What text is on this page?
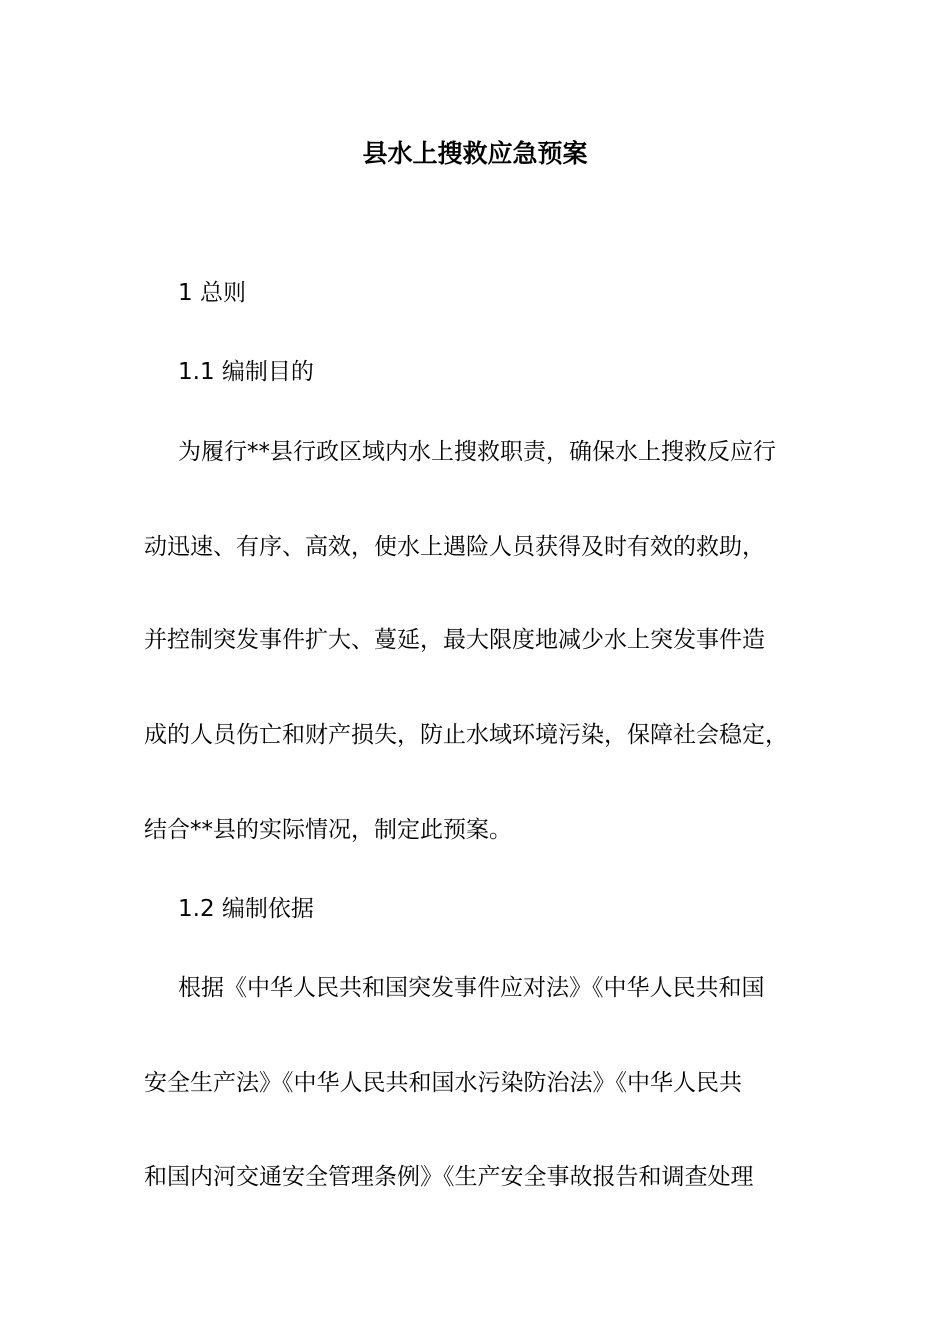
县水上搜救应急预案

1 总则

1.1 编制目的

为履行**县行政区域内水上搜救职责，确保水上搜救反应行

动迅速、有序、高效，使水上遇险人员获得及时有效的救助，

并控制突发事件扩大、蔓延，最大限度地减少水上突发事件造

成的人员伤亡和财产损失，防止水域环境污染，保障社会稳定，

结合**县的实际情况，制定此预案。

1.2 编制依据

根据《中华人民共和国突发事件应对法》《中华人民共和国

安全生产法》《中华人民共和国水污染防治法》《中华人民共

和国内河交通安全管理条例》《生产安全事故报告和调查处理
